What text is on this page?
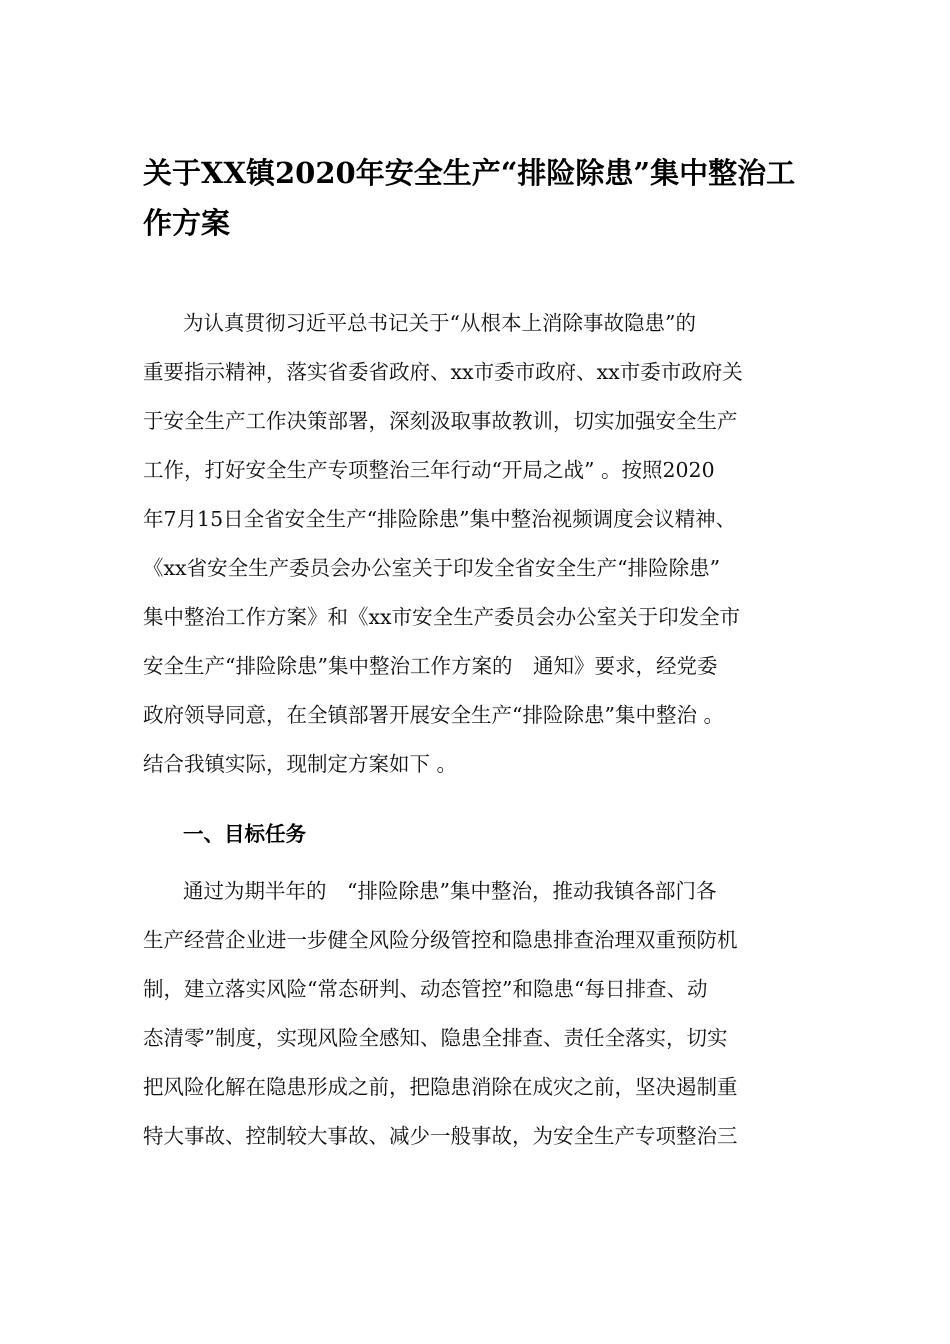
关于XX镇2020年安全生产“排险除患”集中整治工
作方案
为认真贯彻习近平总书记关于“从根本上消除事故隐患”的
重要指示精神，落实省委省政府、xx市委市政府、xx市委市政府关
于安全生产工作决策部署，深刻汲取事故教训，切实加强安全生产
工作，打好安全生产专项整治三年行动“开局之战” 。按照2020
年7月15日全省安全生产“排险除患”集中整治视频调度会议精神、
《xx省安全生产委员会办公室关于印发全省安全生产“排险除患”
集中整治工作方案》和《xx市安全生产委员会办公室关于印发全市
安全生产“排险除患”集中整治工作方案的　通知》要求，经党委
政府领导同意，在全镇部署开展安全生产“排险除患”集中整治 。
结合我镇实际，现制定方案如下 。
一、目标任务
通过为期半年的　“排险除患”集中整治，推动我镇各部门各
生产经营企业进一步健全风险分级管控和隐患排查治理双重预防机
制，建立落实风险“常态研判、动态管控”和隐患“每日排查、动
态清零”制度，实现风险全感知、隐患全排查、责任全落实，切实
把风险化解在隐患形成之前，把隐患消除在成灾之前，坚决遏制重
特大事故、控制较大事故、减少一般事故，为安全生产专项整治三
